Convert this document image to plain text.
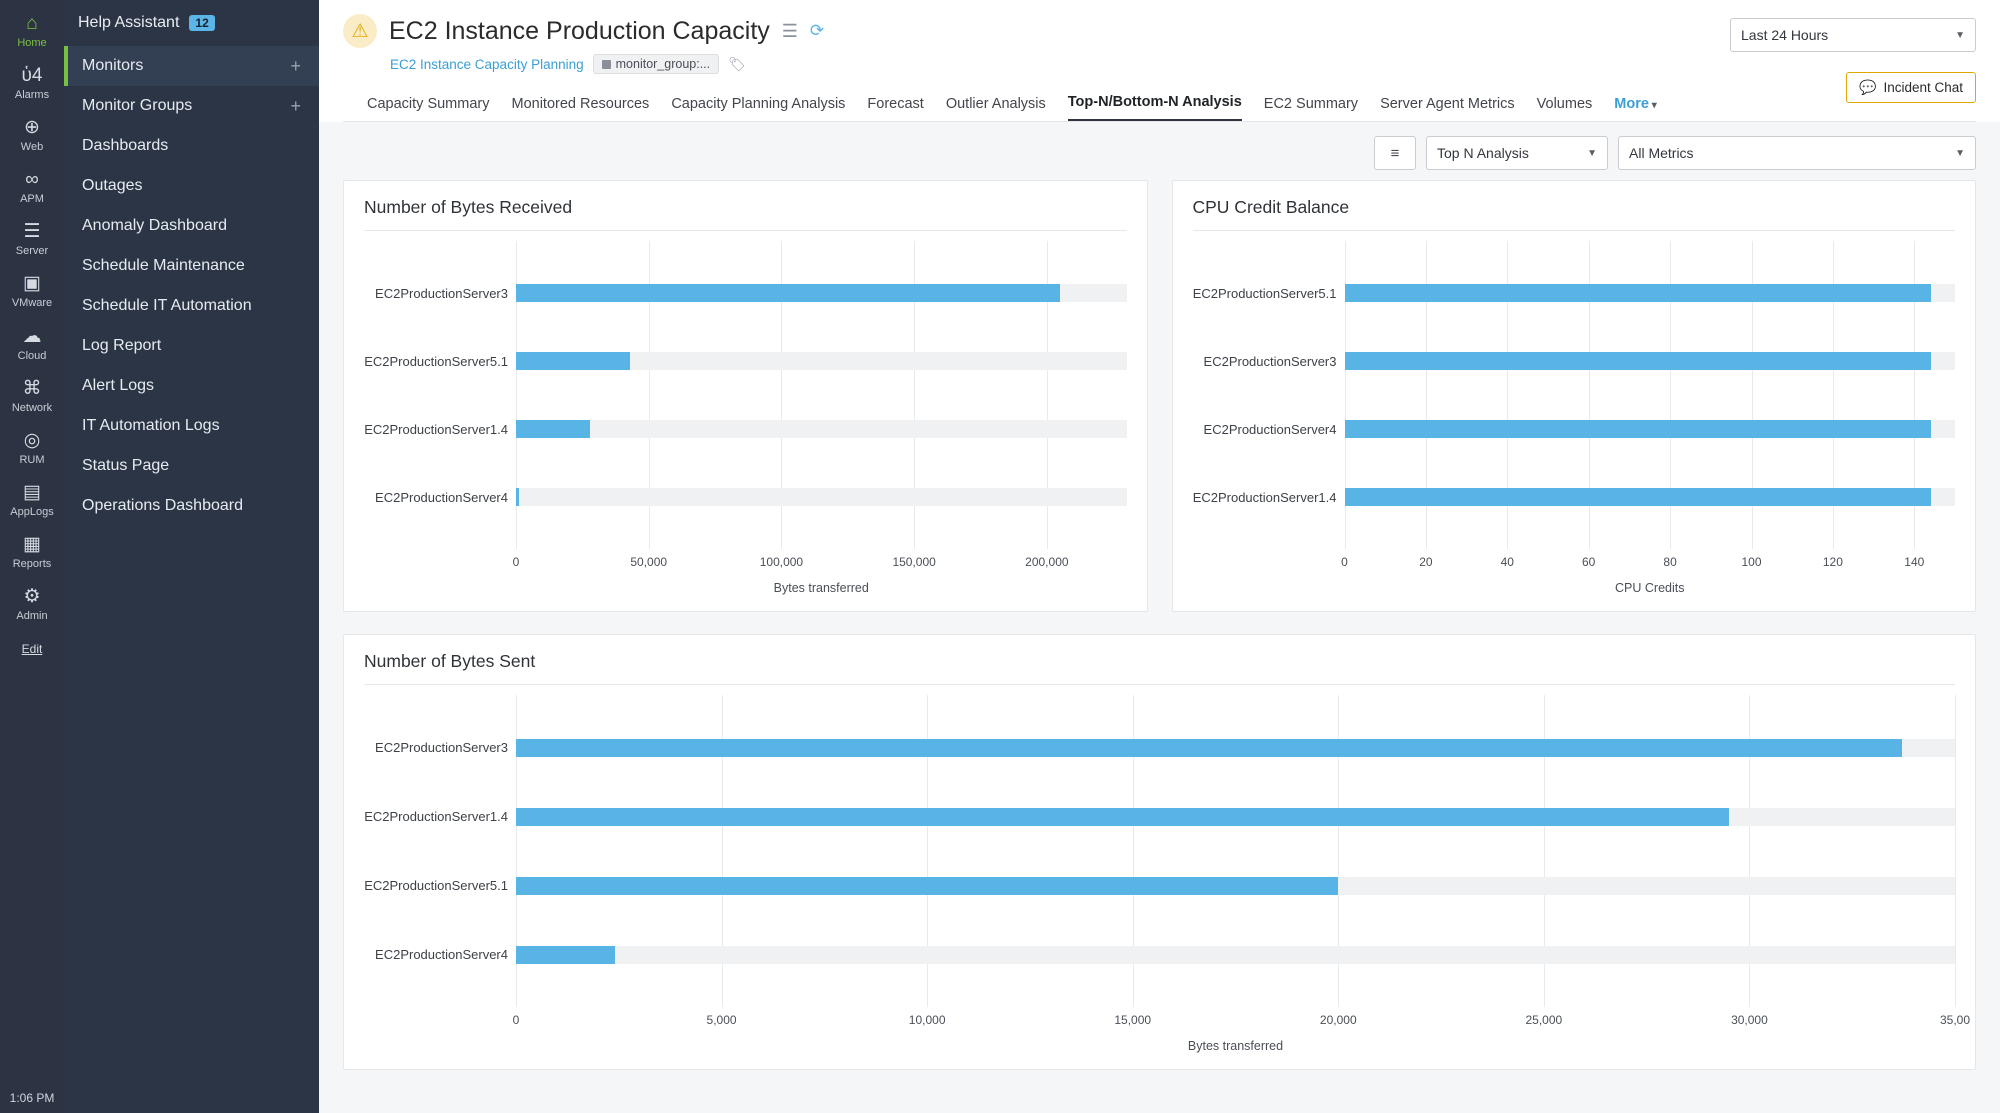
⌂
Home
ὑ4
Alarms
⊕
Web
∞
APM
☰
Server
▣
VMware
☁
Cloud
⌘
Network
◎
RUM
▤
AppLogs
▦
Reports
⚙
Admin
Edit
1:06 PM
Help Assistant	12
Monitors	+
Monitor Groups	+
Dashboards
Outages
Anomaly Dashboard
Schedule Maintenance
Schedule IT Automation
Log Report
Alert Logs
IT Automation Logs
Status Page
Operations Dashboard
⚠ EC2 Instance Production Capacity ☰ ⟳
EC2 Instance Capacity Planning	monitor_group:... 🏷
Capacity Summary Monitored Resources Capacity Planning Analysis Forecast Outlier Analysis Top-N/Bottom-N Analysis EC2 Summary Server Agent Metrics Volumes More ▾
Last 24 Hours	▼
💬 Incident Chat
≡	Top N Analysis	▼ All Metrics	▼
Number of Bytes Received
EC2ProductionServer3
EC2ProductionServer5.1
EC2ProductionServer1.4
EC2ProductionServer4
0	50,000	100,000	150,000	200,000
Bytes transferred
CPU Credit Balance
EC2ProductionServer5.1
EC2ProductionServer3
EC2ProductionServer4
EC2ProductionServer1.4
0	20	40	60	80	100	120	140
CPU Credits
Number of Bytes Sent
EC2ProductionServer3
EC2ProductionServer1.4
EC2ProductionServer5.1
EC2ProductionServer4
0	5,000	10,000	15,000	20,000	25,000	30,000	35,00
Bytes transferred
